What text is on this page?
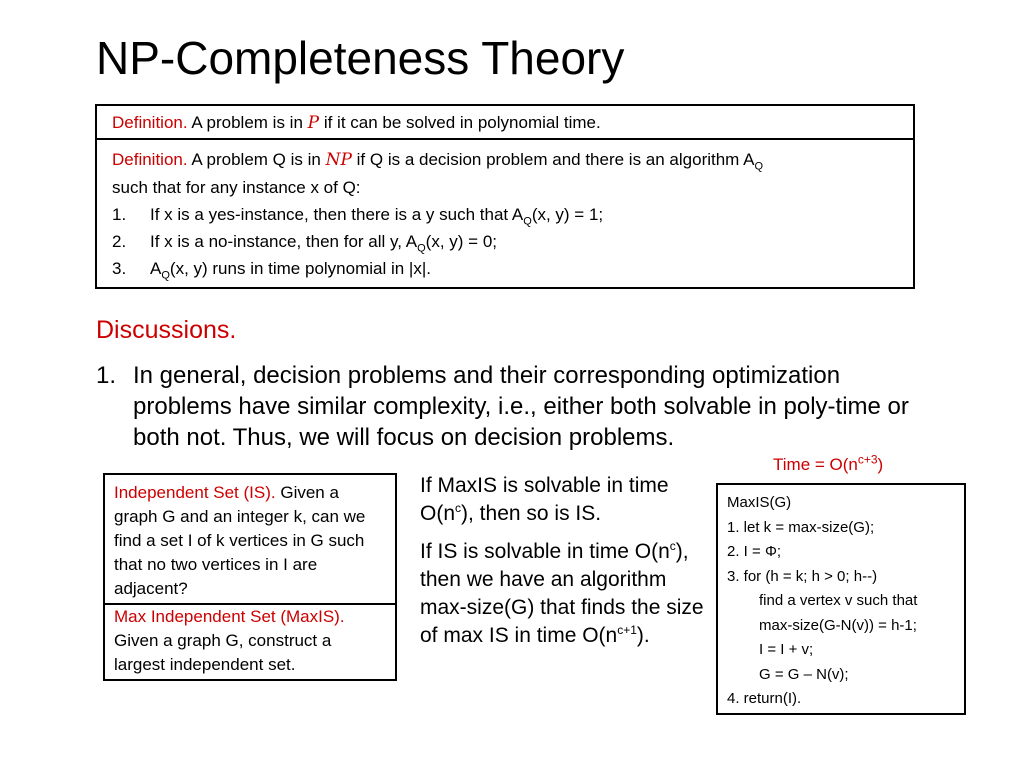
NP-Completeness Theory
Definition. A problem is in P if it can be solved in polynomial time.
Definition. A problem Q is in NP if Q is a decision problem and there is an algorithm $A_Q$
such that for any instance x of Q:
1. If x is a yes-instance, then there is a y such that $A_Q(x$, y) = 1;
2. If x is a no-instance, then for all y, $A_Q(x$, y) = 0;
3. $A_Q(x$, y) runs in time polynomial in |x|.
Discussions.
1. In general, decision problems and their corresponding optimization problems have similar complexity, i.e., either both solvable in poly-time or both not. Thus, we will focus on decision problems.
Time = $O(n^{c+3})$
Independent Set (IS). Given a graph G and an integer k, can we find a set I of k vertices in G such that no two vertices in I are adjacent?
Max Independent Set (MaxIS).
Given a graph G, construct a largest independent set.

If MaxIS is solvable in time $O(n^c)$, then so is IS.

If IS is solvable in time $O(n^c)$, then we have an algorithm max-size(G) that finds the size of max IS in time $O(n^{c+1})$.

MaxIS(G)
1. let k = max-size(G);
2. I = Φ;
3. for (h = k; h > 0; h--)
find a vertex v such that
max-size(G-N(v)) = h-1;
I = I + v;
G = G – N(v);
4. return(I).
